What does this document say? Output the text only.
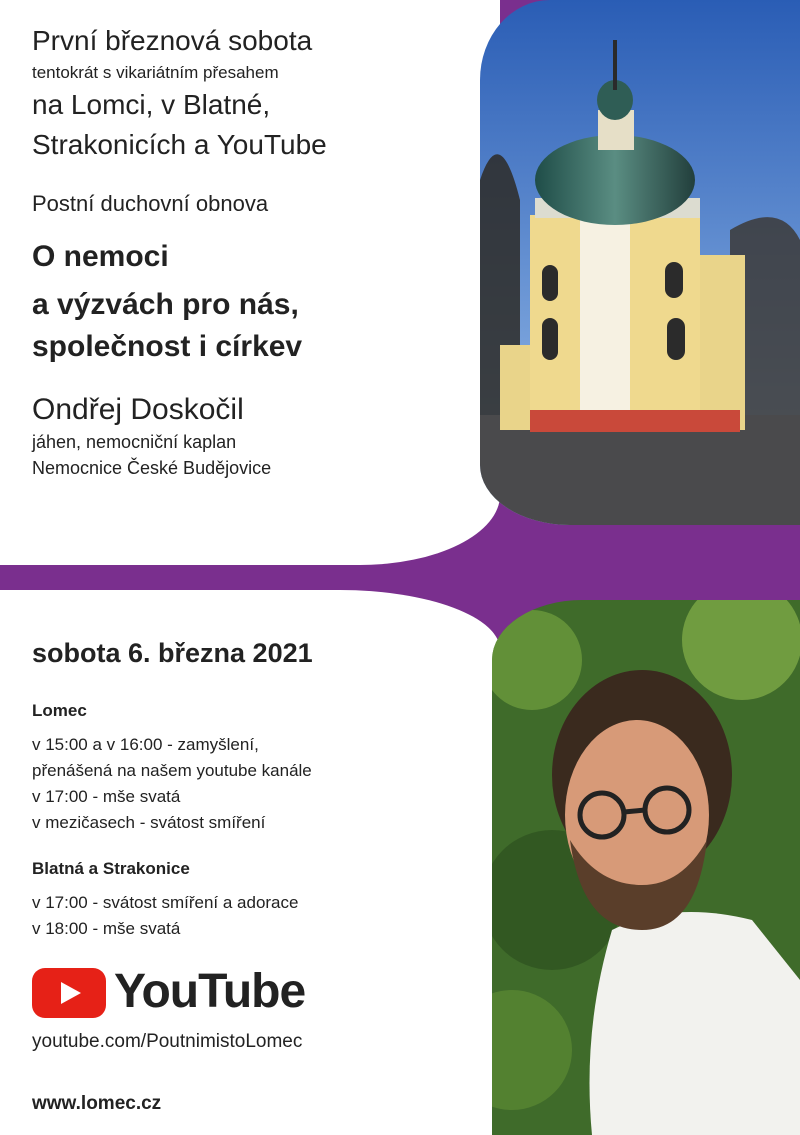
První březnová sobota

tentokrát s vikariátním přesahem

na Lomci, v Blatné,

Strakonicích a YouTube

Postní duchovní obnova

O nemoci

a výzvách pro nás,

společnost i církev

Ondřej Doskočil

jáhen, nemocniční kaplan

Nemocnice České Budějovice

sobota 6. března 2021

Lomec

v 15:00 a v 16:00 - zamyšlení,

přenášená na našem youtube kanále

v 17:00 - mše svatá

v mezičasech - svátost smíření

Blatná a Strakonice

v 17:00 - svátost smíření a adorace

v 18:00 - mše svatá

YouTube

youtube.com/PoutnimistoLomec

www.lomec.cz
